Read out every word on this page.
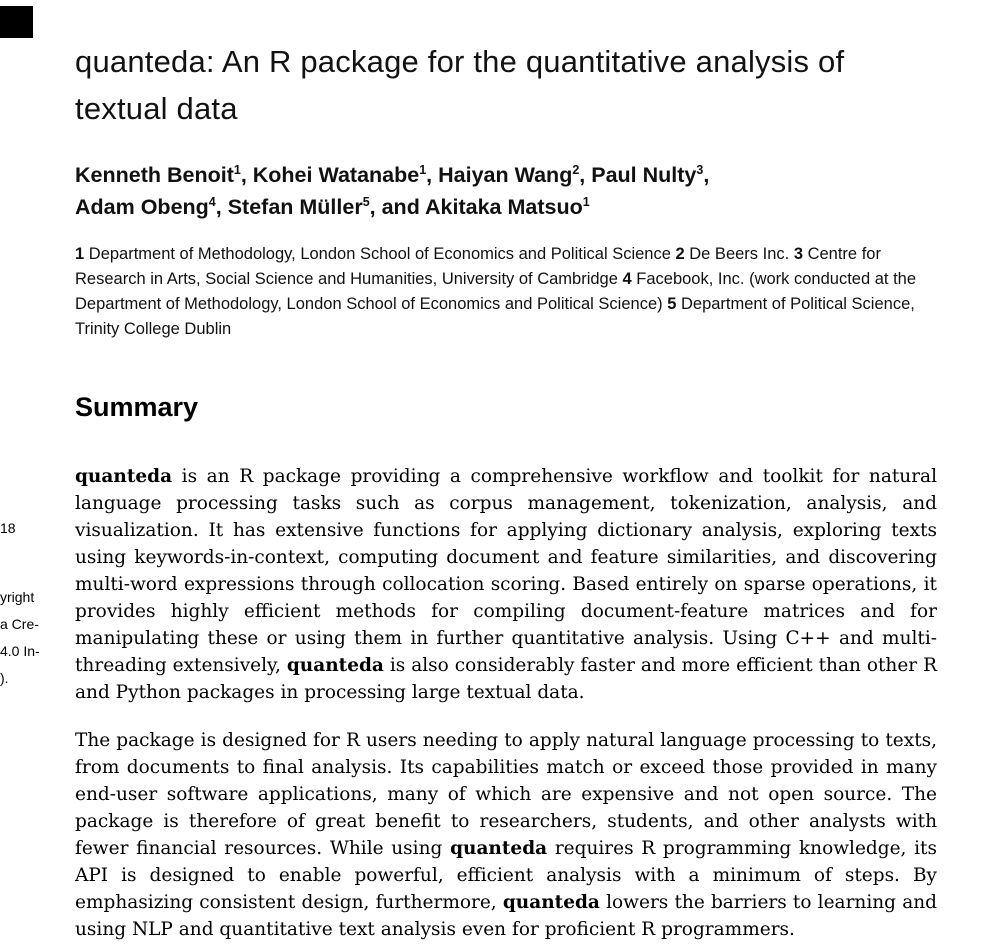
18
yright
a Cre-
4.0 In-
).
quanteda: An R package for the quantitative analysis of
textual data
Kenneth Benoit$^1$, Kohei Watanabe$^1$, Haiyan Wang$^2$, Paul Nulty$^3$,
Adam Obeng$^4$, Stefan Müller$^5$, and Akitaka Matsuo$^1$
1 Department of Methodology, London School of Economics and Political Science 2 De Beers Inc. 3 Centre for Research in Arts, Social Science and Humanities, University of Cambridge 4 Facebook, Inc. (work conducted at the Department of Methodology, London School of Economics and Political Science) 5 Department of Political Science, Trinity College Dublin
Summary

quanteda is an R package providing a comprehensive workflow and toolkit for natural language processing tasks such as corpus management, tokenization, analysis, and visualization. It has extensive functions for applying dictionary analysis, exploring texts using keywords-in-context, computing document and feature similarities, and discovering multi-word expressions through collocation scoring. Based entirely on sparse operations, it provides highly efficient methods for compiling document-feature matrices and for manipulating these or using them in further quantitative analysis. Using C++ and multi-threading extensively, quanteda is also considerably faster and more efficient than other R and Python packages in processing large textual data.

The package is designed for R users needing to apply natural language processing to texts, from documents to final analysis. Its capabilities match or exceed those provided in many end-user software applications, many of which are expensive and not open source. The package is therefore of great benefit to researchers, students, and other analysts with fewer financial resources. While using quanteda requires R programming knowledge, its API is designed to enable powerful, efficient analysis with a minimum of steps. By emphasizing consistent design, furthermore, quanteda lowers the barriers to learning and using NLP and quantitative text analysis even for proficient R programmers.
